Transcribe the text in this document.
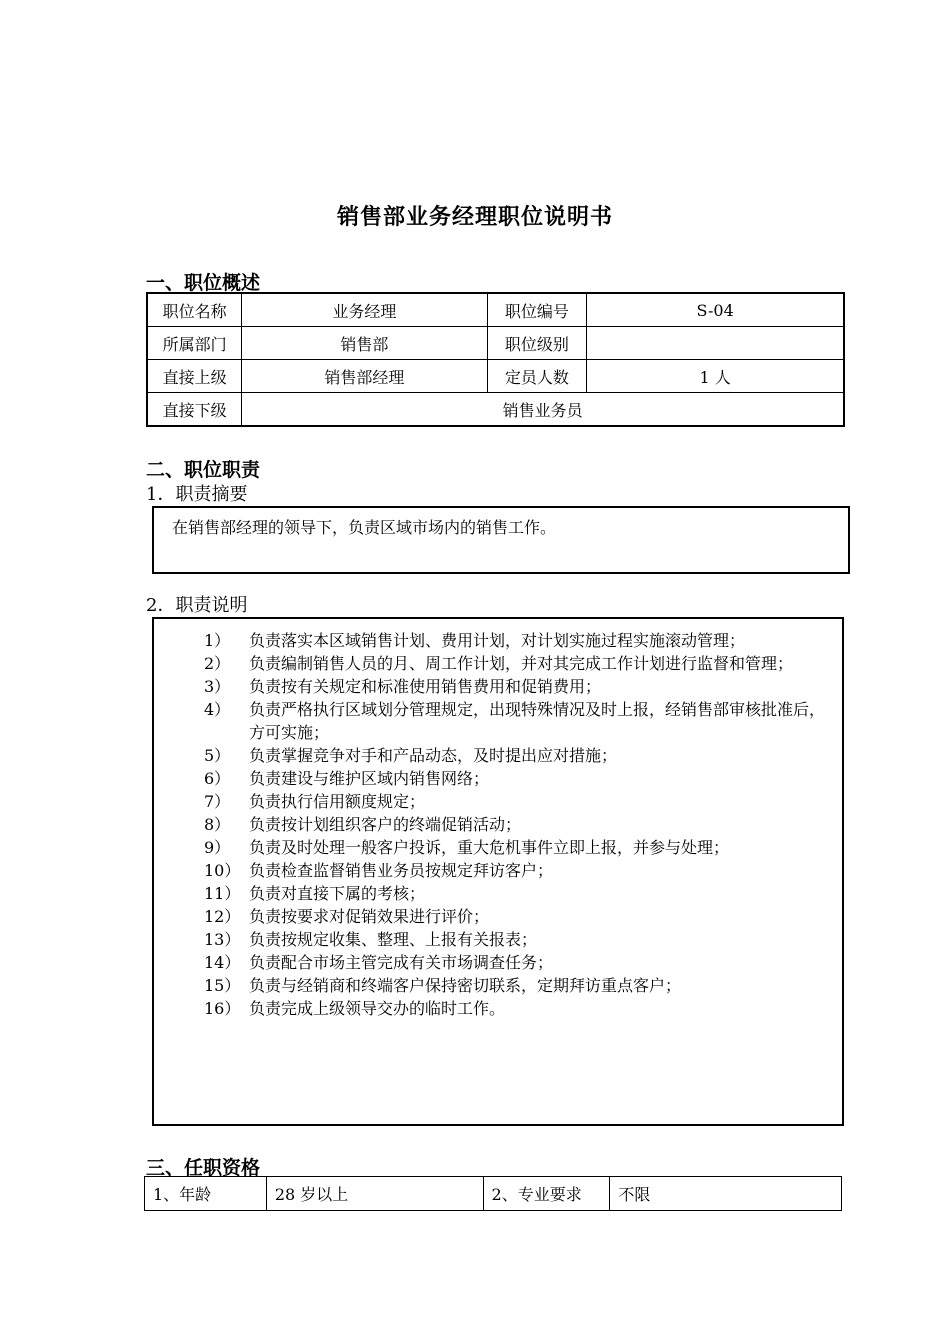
销售部业务经理职位说明书
一、职位概述
职位名称	业务经理	职位编号	S-04
所属部门	销售部	职位级别	
直接上级	销售部经理	定员人数	1 人
直接下级	销售业务员		
二、职位职责
1．职责摘要
在销售部经理的领导下，负责区域市场内的销售工作。
2．职责说明
1） 负责落实本区域销售计划、费用计划，对计划实施过程实施滚动管理；
2） 负责编制销售人员的月、周工作计划，并对其完成工作计划进行监督和管理；
3） 负责按有关规定和标准使用销售费用和促销费用；
4） 负责严格执行区域划分管理规定，出现特殊情况及时上报，经销售部审核批准后，方可实施；
5） 负责掌握竞争对手和产品动态，及时提出应对措施；
6） 负责建设与维护区域内销售网络；
7） 负责执行信用额度规定；
8） 负责按计划组织客户的终端促销活动；
9） 负责及时处理一般客户投诉，重大危机事件立即上报，并参与处理；
10） 负责检查监督销售业务员按规定拜访客户；
11） 负责对直接下属的考核；
12） 负责按要求对促销效果进行评价；
13） 负责按规定收集、整理、上报有关报表；
14） 负责配合市场主管完成有关市场调查任务；
15） 负责与经销商和终端客户保持密切联系，定期拜访重点客户；
16） 负责完成上级领导交办的临时工作。
三、任职资格
1、年龄	28 岁以上	2、专业要求	不限
